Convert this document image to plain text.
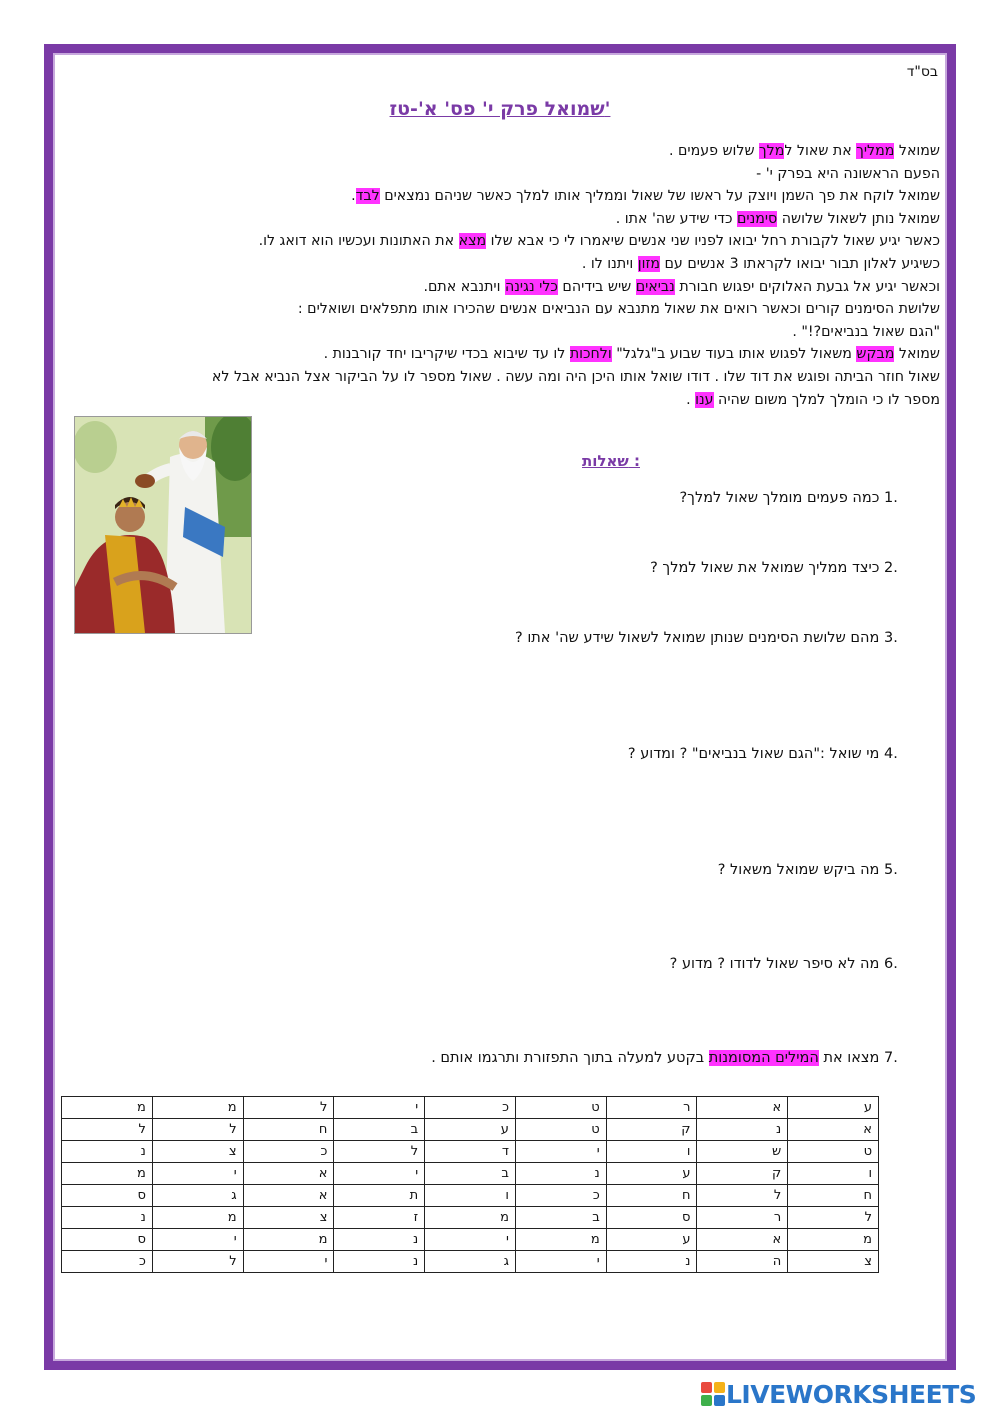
בס"ד
שמואל פרק י' פס' א'-טז'
שמואל ממליך את שאול למלך שלוש פעמים .
הפעם הראשונה היא בפרק י' -
שמואל לוקח את פך השמן ויוצק על ראשו של שאול וממליך אותו למלך כאשר שניהם נמצאים לבד.
שמואל נותן לשאול שלושה סימנים כדי שידע שה' אתו .
כאשר יגיע שאול לקבורת רחל יבואו לפניו שני אנשים שיאמרו לי כי אבא שלו מצא את האתונות ועכשיו הוא דואג לו.
כשיגיע לאלון תבור יבואו לקראתו 3 אנשים עם מזון ויתנו לו .
וכאשר יגיע אל גבעת האלוקים יפגוש חבורת נביאים שיש בידיהם כלי נגינה ויתנבא אתם.
שלושת הסימנים קורים וכאשר רואים את שאול מתנבא עם הנביאים אנשים שהכירו אותו מתפלאים ושואלים :
"הגם שאול בנביאים?!" .
שמואל מבקש משאול לפגוש אותו בעוד שבוע ב"גלגל" ולחכות לו עד שיבוא בכדי שיקריבו יחד קורבנות .
שאול חוזר הביתה ופוגש את דוד שלו . דודו שואל אותו היכן היה ומה עשה . שאול מספר לו על הביקור אצל הנביא אבל לא
מספר לו כי הומלך למלך משום שהיה ענו .
שאלות :
1. כמה פעמים מומלך שאול למלך?
2. כיצד ממליך שמואל את שאול למלך ?
3. מהם שלושת הסימנים שנותן שמואל לשאול שידע שה' אתו ?
4. מי שואל :"הגם שאול בנביאים" ? ומדוע ?
5. מה ביקש שמואל משאול ?
6. מה לא סיפר שאול לדודו ? מדוע ?
7. מצאו את המילים המסומנות בקטע למעלה בתוך התפזורת ותרגמו אותם .
ע	א	ר	ט	כ	י	ל	מ	מ
א	נ	ק	ט	ע	ב	ח	ל	ל
ט	ש	ו	י	ד	ל	כ	צ	נ
ו	ק	ע	נ	ב	י	א	י	מ
ח	ל	ח	כ	ו	ת	א	ג	ס
ל	ר	ס	ב	מ	ז	צ	מ	נ
מ	א	ע	מ	י	נ	מ	י	ס
צ	ה	נ	י	ג	נ	י	ל	כ
LIVEWORKSHEETS
